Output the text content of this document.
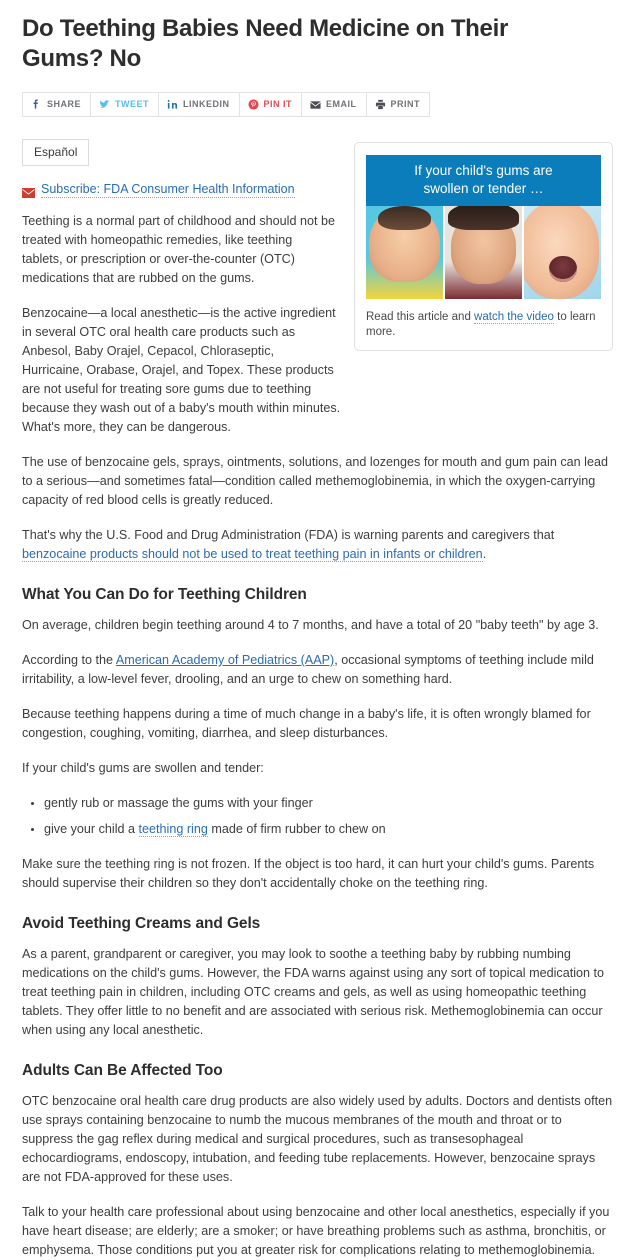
Do Teething Babies Need Medicine on Their Gums? No
SHARE	TWEET	LINKEDIN	PIN IT	EMAIL	PRINT
Español
If your child's gums are
swollen or tender …
Read this article and watch the video to learn more.
Subscribe: FDA Consumer Health Information

Teething is a normal part of childhood and should not be treated with homeopathic remedies, like teething tablets, or prescription or over-the-counter (OTC) medications that are rubbed on the gums.

Benzocaine—a local anesthetic—is the active ingredient in several OTC oral health care products such as Anbesol, Baby Orajel, Cepacol, Chloraseptic, Hurricaine, Orabase, Orajel, and Topex. These products are not useful for treating sore gums due to teething because they wash out of a baby's mouth within minutes. What's more, they can be dangerous.

The use of benzocaine gels, sprays, ointments, solutions, and lozenges for mouth and gum pain can lead to a serious—and sometimes fatal—condition called methemoglobinemia, in which the oxygen-carrying capacity of red blood cells is greatly reduced.

That's why the U.S. Food and Drug Administration (FDA) is warning parents and caregivers that benzocaine products should not be used to treat teething pain in infants or children.

What You Can Do for Teething Children

On average, children begin teething around 4 to 7 months, and have a total of 20 "baby teeth" by age 3.

According to the American Academy of Pediatrics (AAP), occasional symptoms of teething include mild irritability, a low-level fever, drooling, and an urge to chew on something hard.

Because teething happens during a time of much change in a baby's life, it is often wrongly blamed for congestion, coughing, vomiting, diarrhea, and sleep disturbances.

If your child's gums are swollen and tender:

• gently rub or massage the gums with your finger
• give your child a teething ring made of firm rubber to chew on

Make sure the teething ring is not frozen. If the object is too hard, it can hurt your child's gums. Parents should supervise their children so they don't accidentally choke on the teething ring.

Avoid Teething Creams and Gels

As a parent, grandparent or caregiver, you may look to soothe a teething baby by rubbing numbing medications on the child's gums. However, the FDA warns against using any sort of topical medication to treat teething pain in children, including OTC creams and gels, as well as using homeopathic teething tablets. They offer little to no benefit and are associated with serious risk. Methemoglobinemia can occur when using any local anesthetic.

Adults Can Be Affected Too

OTC benzocaine oral health care drug products are also widely used by adults. Doctors and dentists often use sprays containing benzocaine to numb the mucous membranes of the mouth and throat or to suppress the gag reflex during medical and surgical procedures, such as transesophageal echocardiograms, endoscopy, intubation, and feeding tube replacements. However, benzocaine sprays are not FDA-approved for these uses.

Talk to your health care professional about using benzocaine and other local anesthetics, especially if you have heart disease; are elderly; are a smoker; or have breathing problems such as asthma, bronchitis, or emphysema. Those conditions put you at greater risk for complications relating to methemoglobinemia.
